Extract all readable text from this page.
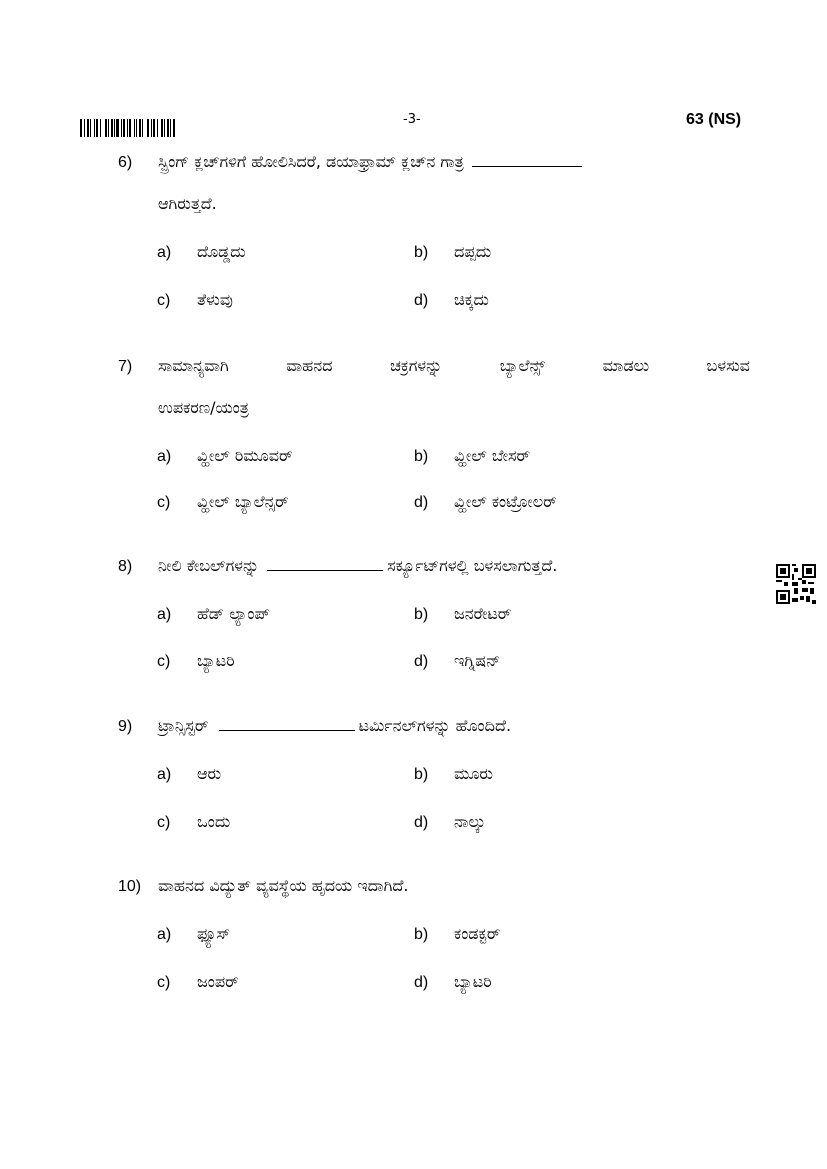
-3-	63 (NS)
6)	ಸ್ಪ್ರಿಂಗ್ ಕ್ಲಚ್‌ಗಳಿಗೆ ಹೋಲಿಸಿದರೆ, ಡಯಾಫ್ರಾಮ್ ಕ್ಲಚ್‌ನ ಗಾತ್ರ
ಆಗಿರುತ್ತದೆ.
a)	ದೊಡ್ಡದು	b)	ದಪ್ಪದು
c)	ತೆಳುವು	d)	ಚಿಕ್ಕದು
7)	ಸಾಮಾನ್ಯವಾಗಿ	ವಾಹನದ	ಚಕ್ರಗಳನ್ನು	ಬ್ಯಾಲೆನ್ಸ್	ಮಾಡಲು	ಬಳಸುವ
ಉಪಕರಣ/ಯಂತ್ರ
a)	ವ್ಹೀಲ್ ರಿಮೂವರ್	b)	ವ್ಹೀಲ್ ಬೇಸರ್
c)	ವ್ಹೀಲ್ ಬ್ಯಾಲೆನ್ಸರ್	d)	ವ್ಹೀಲ್ ಕಂಟ್ರೋಲರ್
8)	ನೀಲಿ ಕೇಬಲ್‌ಗಳನ್ನು	ಸರ್ಕ್ಯೂಟ್‌ಗಳಲ್ಲಿ ಬಳಸಲಾಗುತ್ತದೆ.
a)	ಹೆಡ್ ಲ್ಯಾಂಪ್	b)	ಜನರೇಟರ್
c)	ಬ್ಯಾಟರಿ	d)	ಇಗ್ನಿಷನ್
9)	ಟ್ರಾನ್ಸಿಸ್ಟರ್	ಟರ್ಮಿನಲ್‌ಗಳನ್ನು ಹೊಂದಿದೆ.
a)	ಆರು	b)	ಮೂರು
c)	ಒಂದು	d)	ನಾಲ್ಕು
10)	ವಾಹನದ ವಿದ್ಯುತ್ ವ್ಯವಸ್ಥೆಯ ಹೃದಯ ಇದಾಗಿದೆ.
a)	ಫ್ಯೂಸ್	b)	ಕಂಡಕ್ಟರ್
c)	ಜಂಪರ್	d)	ಬ್ಯಾಟರಿ
